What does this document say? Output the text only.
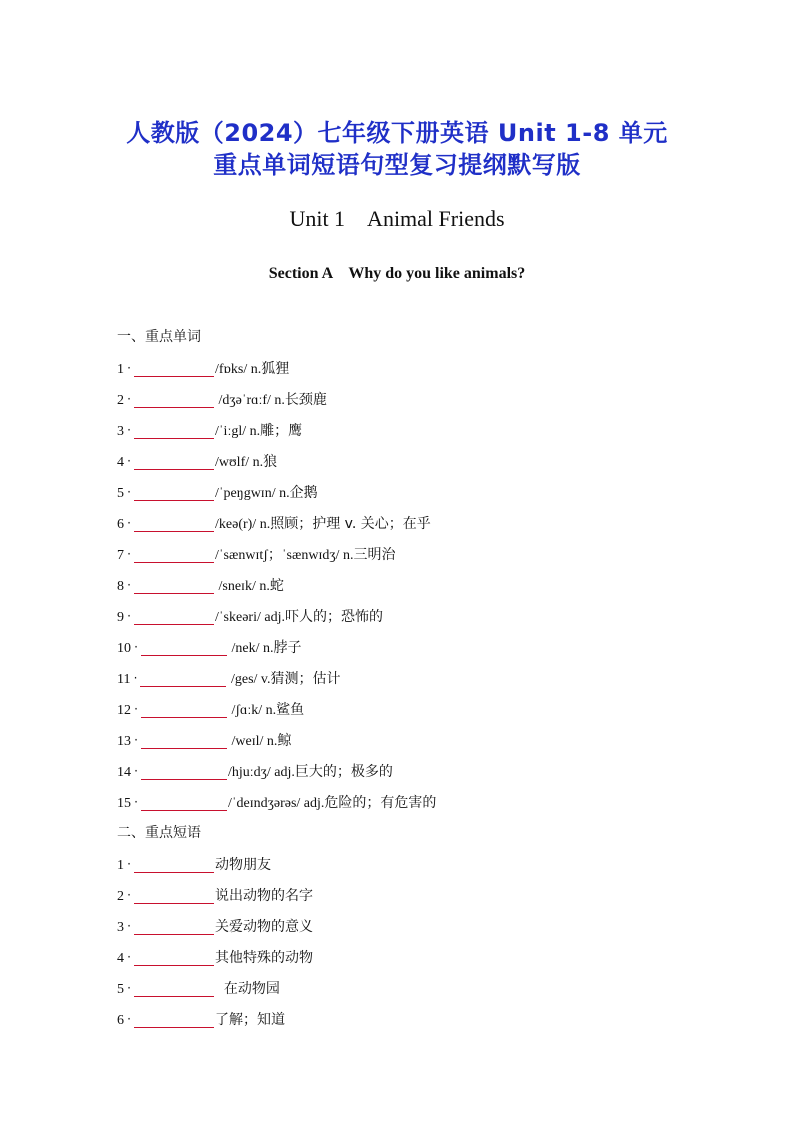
人教版（2024）七年级下册英语 Unit 1-8 单元
重点单词短语句型复习提纲默写版
Unit 1　Animal Friends
Section A　Why do you like animals?
一、重点单词
1 ·	/fɒks/ n.狐狸
2 ·	/dʒəˈrɑːf/ n.长颈鹿
3 ·	/ˈiːgl/ n.雕；鹰
4 ·	/wʊlf/ n.狼
5 ·	/ˈpeŋgwɪn/ n.企鹅
6 ·	/keə(r)/ n.照顾；护理 v. 关心；在乎
7 ·	/ˈsænwɪtʃ；ˈsænwɪdʒ/ n.三明治
8 ·	/sneɪk/ n.蛇
9 ·	/ˈskeəri/ adj.吓人的；恐怖的
10 ·	/nek/ n.脖子
11 ·	/ges/ v.猜测；估计
12 ·	/ʃɑːk/ n.鲨鱼
13 ·	/weɪl/ n.鲸
14 ·	/hjuːdʒ/ adj.巨大的；极多的
15 ·	/ˈdeɪndʒərəs/ adj.危险的；有危害的
二、重点短语
1 ·	动物朋友
2 ·	说出动物的名字
3 ·	关爱动物的意义
4 ·	其他特殊的动物
5 ·	在动物园
6 ·	了解；知道
